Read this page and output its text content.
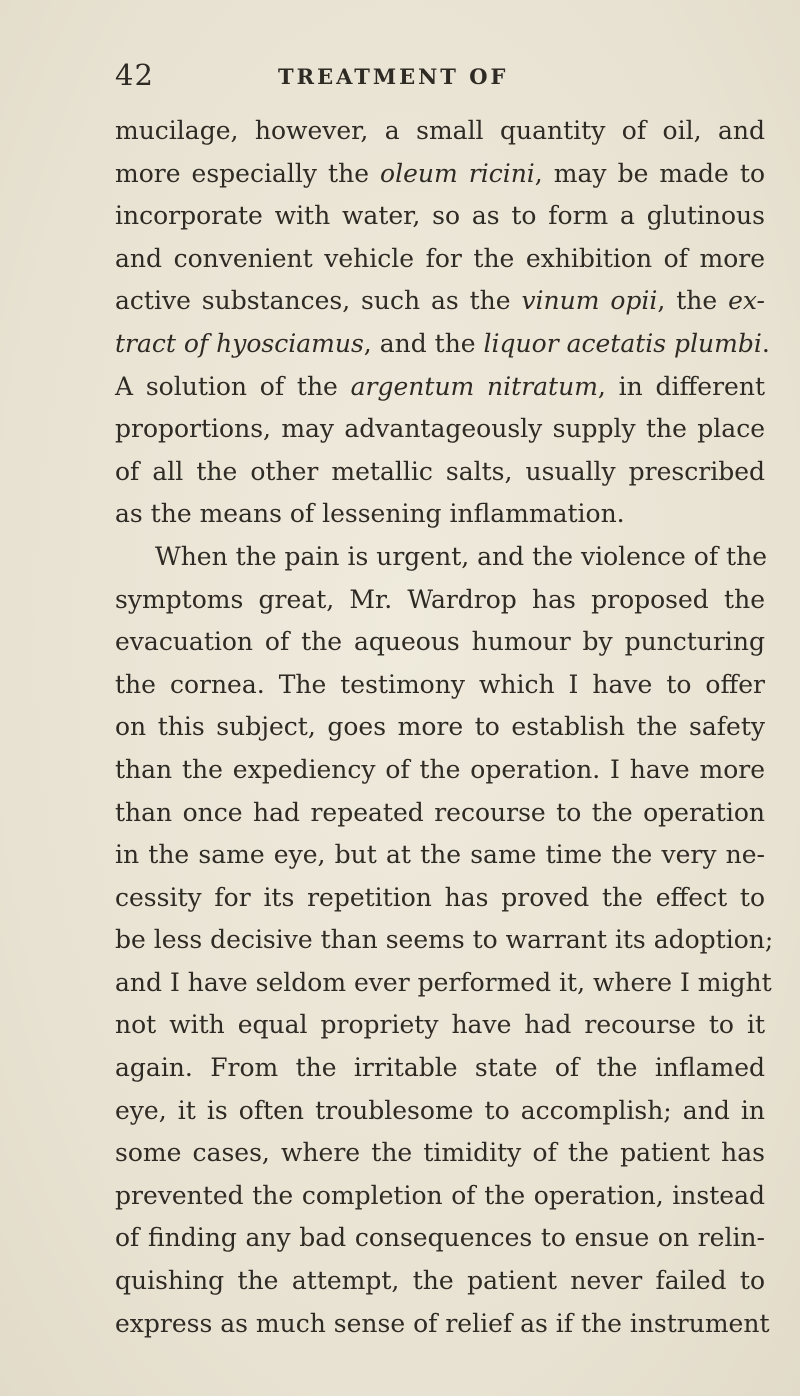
42	TREATMENT OF
mucilage, however, a small quantity of oil, and
more especially the oleum ricini, may be made to
incorporate with water, so as to form a glutinous
and convenient vehicle for the exhibition of more
active substances, such as the vinum opii, the ex-
tract of hyosciamus, and the liquor acetatis plumbi.
A solution of the argentum nitratum, in different
proportions, may advantageously supply the place
of all the other metallic salts, usually prescribed
as the means of lessening inflammation.
When the pain is urgent, and the violence of the
symptoms great, Mr. Wardrop has proposed the
evacuation of the aqueous humour by puncturing
the cornea. The testimony which I have to offer
on this subject, goes more to establish the safety
than the expediency of the operation. I have more
than once had repeated recourse to the operation
in the same eye, but at the same time the very ne-
cessity for its repetition has proved the effect to
be less decisive than seems to warrant its adoption;
and I have seldom ever performed it, where I might
not with equal propriety have had recourse to it
again. From the irritable state of the inflamed
eye, it is often troublesome to accomplish; and in
some cases, where the timidity of the patient has
prevented the completion of the operation, instead
of finding any bad consequences to ensue on relin-
quishing the attempt, the patient never failed to
express as much sense of relief as if the instrument
